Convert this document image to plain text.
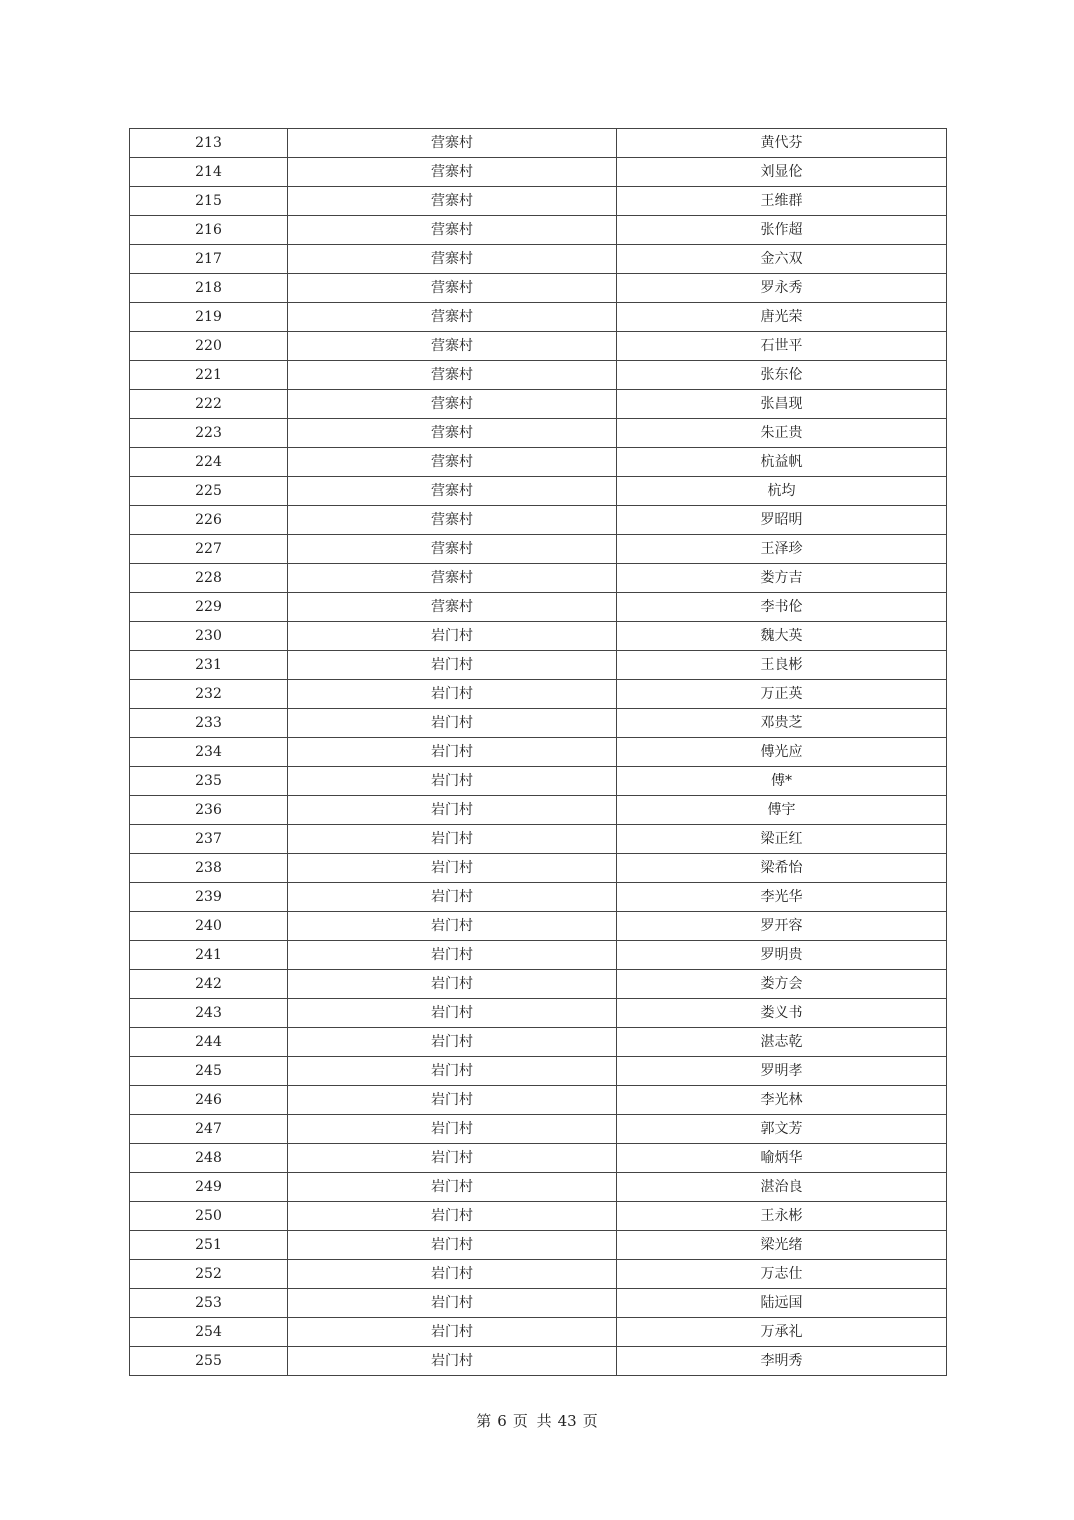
213	营寨村	黄代芬
214	营寨村	刘显伦
215	营寨村	王维群
216	营寨村	张作超
217	营寨村	金六双
218	营寨村	罗永秀
219	营寨村	唐光荣
220	营寨村	石世平
221	营寨村	张东伦
222	营寨村	张昌现
223	营寨村	朱正贵
224	营寨村	杭益帆
225	营寨村	杭均
226	营寨村	罗昭明
227	营寨村	王泽珍
228	营寨村	娄方吉
229	营寨村	李书伦
230	岩门村	魏大英
231	岩门村	王良彬
232	岩门村	万正英
233	岩门村	邓贵芝
234	岩门村	傅光应
235	岩门村	傅*
236	岩门村	傅宇
237	岩门村	梁正红
238	岩门村	梁希怡
239	岩门村	李光华
240	岩门村	罗开容
241	岩门村	罗明贵
242	岩门村	娄方会
243	岩门村	娄义书
244	岩门村	湛志乾
245	岩门村	罗明孝
246	岩门村	李光林
247	岩门村	郭文芳
248	岩门村	喻炳华
249	岩门村	湛治良
250	岩门村	王永彬
251	岩门村	梁光绪
252	岩门村	万志仕
253	岩门村	陆远国
254	岩门村	万承礼
255	岩门村	李明秀
第 6 页 共 43 页
